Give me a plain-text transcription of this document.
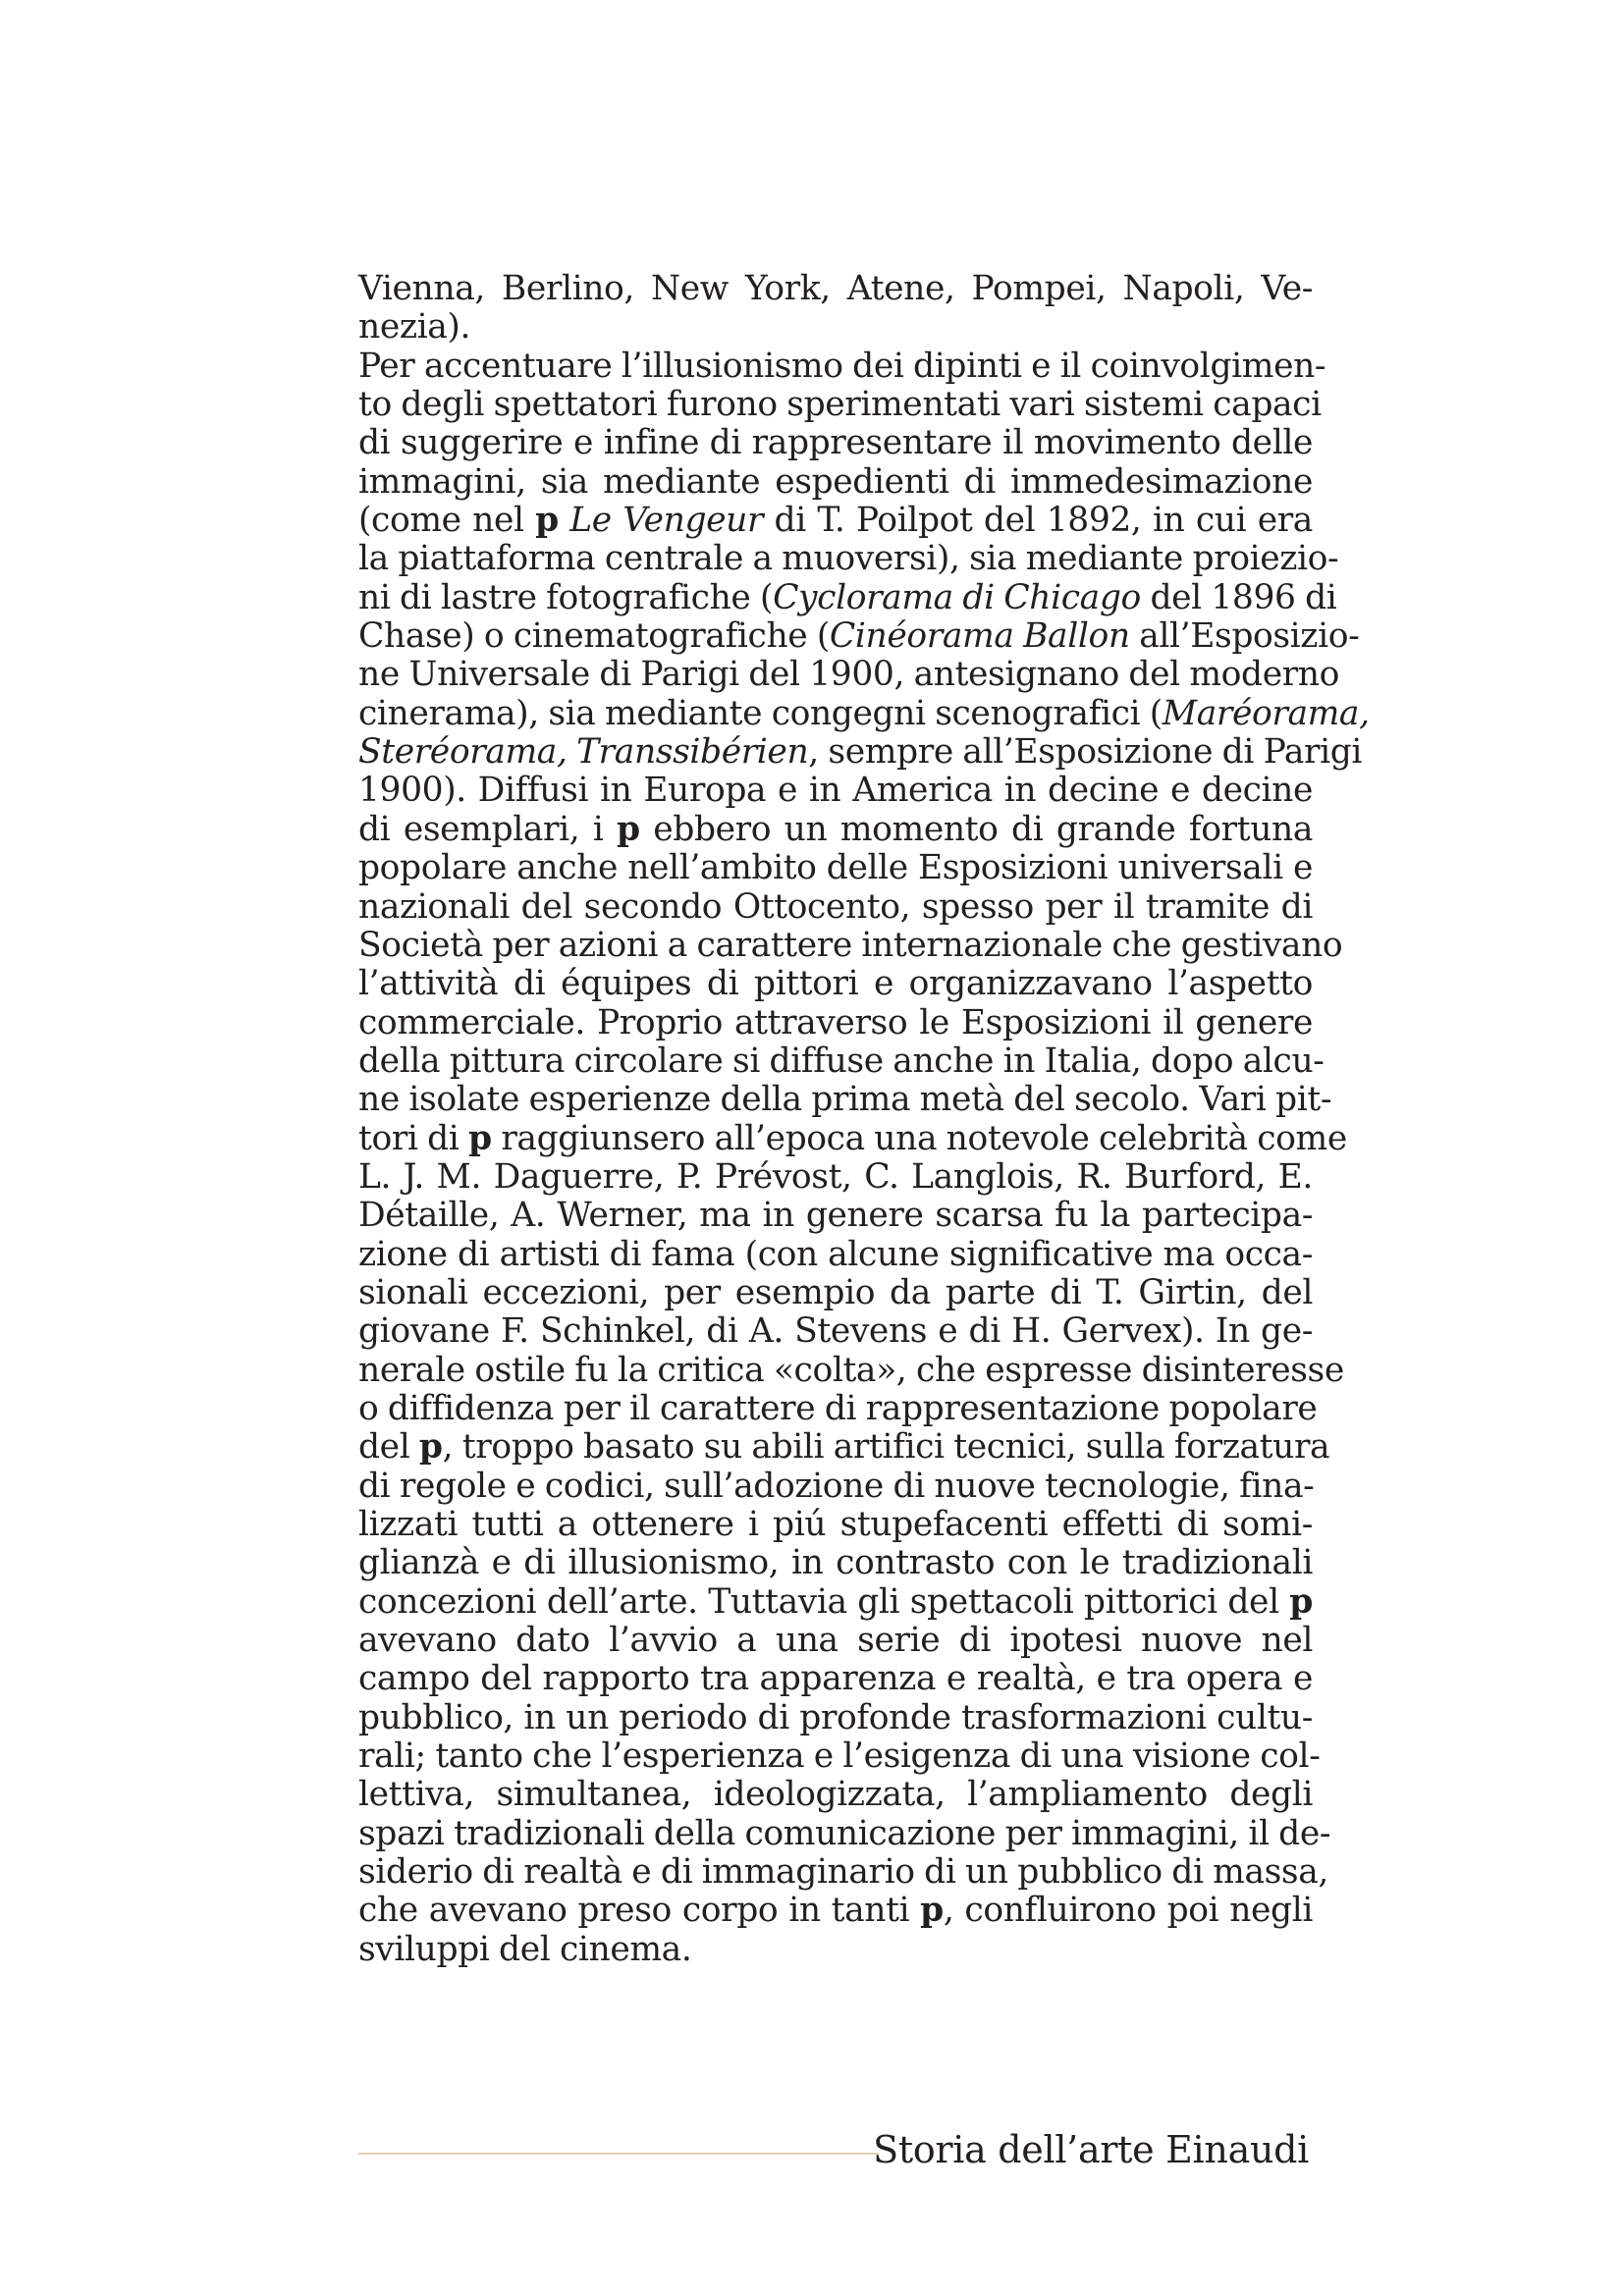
Vienna, Berlino, New York, Atene, Pompei, Napoli, Ve-
nezia).
Per accentuare l’illusionismo dei dipinti e il coinvolgimen-
to degli spettatori furono sperimentati vari sistemi capaci
di suggerire e infine di rappresentare il movimento delle
immagini, sia mediante espedienti di immedesimazione
(come nel p Le Vengeur di T. Poilpot del 1892, in cui era
la piattaforma centrale a muoversi), sia mediante proiezio-
ni di lastre fotografiche (Cyclorama di Chicago del 1896 di
Chase) o cinematografiche (Cinéorama Ballon all’Esposizio-
ne Universale di Parigi del 1900, antesignano del moderno
cinerama), sia mediante congegni scenografici (Maréorama,
Steréorama, Transsibérien, sempre all’Esposizione di Parigi
1900). Diffusi in Europa e in America in decine e decine
di esemplari, i p ebbero un momento di grande fortuna
popolare anche nell’ambito delle Esposizioni universali e
nazionali del secondo Ottocento, spesso per il tramite di
Società per azioni a carattere internazionale che gestivano
l’attività di équipes di pittori e organizzavano l’aspetto
commerciale. Proprio attraverso le Esposizioni il genere
della pittura circolare si diffuse anche in Italia, dopo alcu-
ne isolate esperienze della prima metà del secolo. Vari pit-
tori di p raggiunsero all’epoca una notevole celebrità come
L. J. M. Daguerre, P. Prévost, C. Langlois, R. Burford, E.
Détaille, A. Werner, ma in genere scarsa fu la partecipa-
zione di artisti di fama (con alcune significative ma occa-
sionali eccezioni, per esempio da parte di T. Girtin, del
giovane F. Schinkel, di A. Stevens e di H. Gervex). In ge-
nerale ostile fu la critica «colta», che espresse disinteresse
o diffidenza per il carattere di rappresentazione popolare
del p, troppo basato su abili artifici tecnici, sulla forzatura
di regole e codici, sull’adozione di nuove tecnologie, fina-
lizzati tutti a ottenere i piú stupefacenti effetti di somi-
glianzà e di illusionismo, in contrasto con le tradizionali
concezioni dell’arte. Tuttavia gli spettacoli pittorici del p
avevano dato l’avvio a una serie di ipotesi nuove nel
campo del rapporto tra apparenza e realtà, e tra opera e
pubblico, in un periodo di profonde trasformazioni cultu-
rali; tanto che l’esperienza e l’esigenza di una visione col-
lettiva, simultanea, ideologizzata, l’ampliamento degli
spazi tradizionali della comunicazione per immagini, il de-
siderio di realtà e di immaginario di un pubblico di massa,
che avevano preso corpo in tanti p, confluirono poi negli
sviluppi del cinema.
Storia dell’arte Einaudi
